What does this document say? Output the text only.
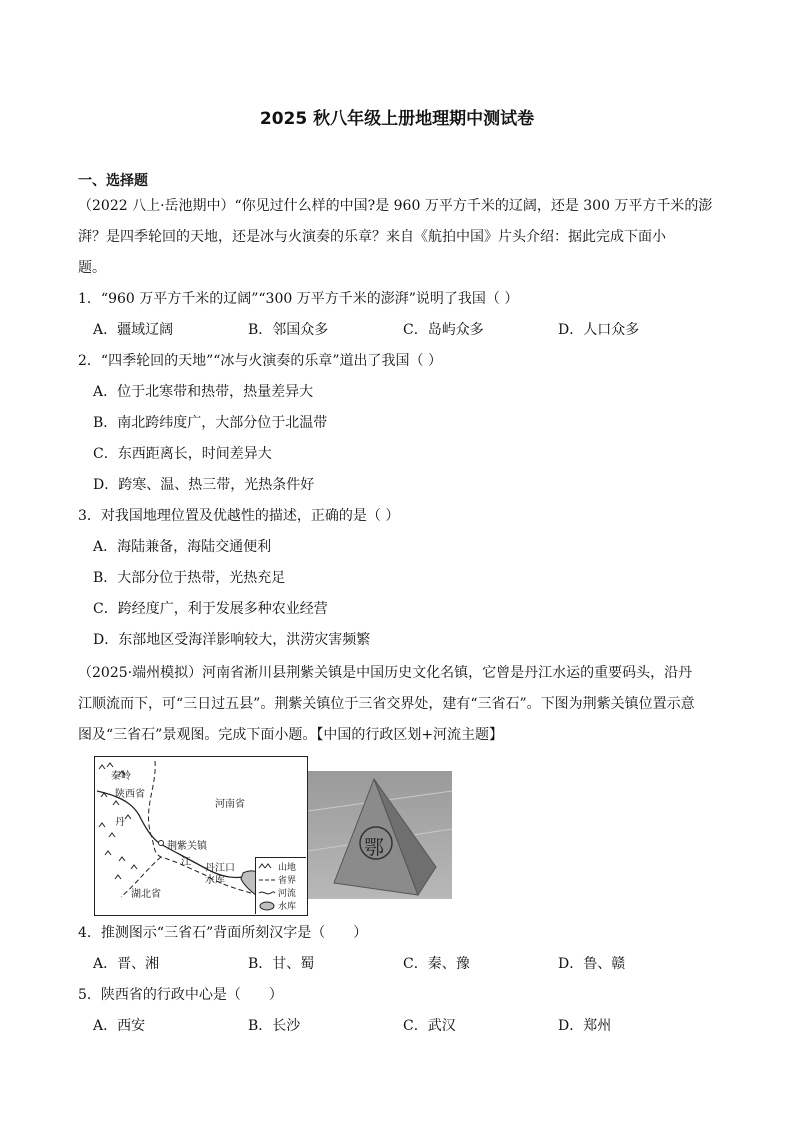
2025 秋八年级上册地理期中测试卷
一、选择题
（2022 八上·岳池期中）“你见过什么样的中国?是 960 万平方千米的辽阔，还是 300 万平方千米的澎
湃？是四季轮回的天地，还是冰与火演奏的乐章？来自《航拍中国》片头介绍：据此完成下面小
题。
1．“960 万平方千米的辽阔”“300 万平方千米的澎湃”说明了我国（ ）
A．疆域辽阔	B．邻国众多	C．岛屿众多	D．人口众多
2．“四季轮回的天地”“冰与火演奏的乐章”道出了我国（ ）
A．位于北寒带和热带，热量差异大
B．南北跨纬度广，大部分位于北温带
C．东西距离长，时间差异大
D．跨寒、温、热三带，光热条件好
3．对我国地理位置及优越性的描述，正确的是（ ）
A．海陆兼备，海陆交通便利
B．大部分位于热带，光热充足
C．跨经度广，利于发展多种农业经营
D．东部地区受海洋影响较大，洪涝灾害频繁
（2025·端州模拟）河南省淅川县荆紫关镇是中国历史文化名镇，它曾是丹江水运的重要码头，沿丹
江顺流而下，可“三日过五县”。荆紫关镇位于三省交界处，建有“三省石”。下图为荆紫关镇位置示意
图及“三省石”景观图。完成下面小题。【中国的行政区划+河流主题】
秦岭
陕西省
河南省
丹
荆紫关镇
江
丹江口
水库
湖北省
山地
省界
河流
水库
鄂
4．推测图示“三省石”背面所刻汉字是（　　）
A．晋、湘	B．甘、蜀	C．秦、豫	D．鲁、赣
5．陕西省的行政中心是（　　）
A．西安	B．长沙	C．武汉	D．郑州
